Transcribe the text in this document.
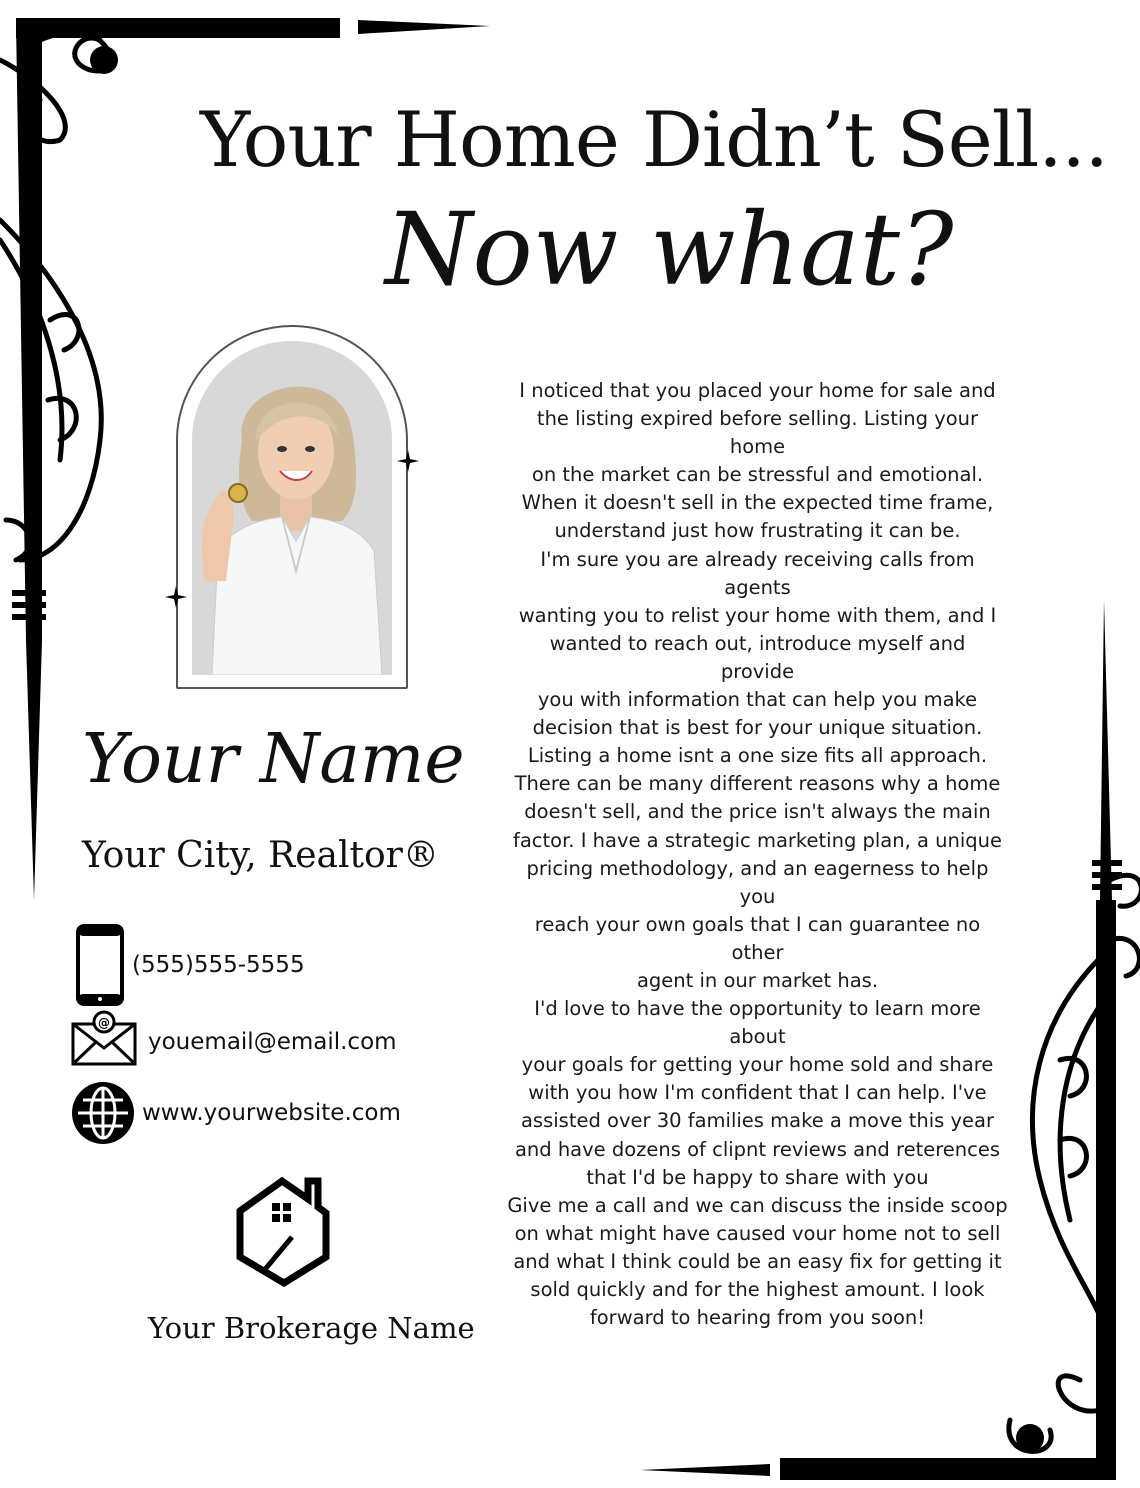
Your Home Didn’t Sell...
Now what?
Your Name
Your City, Realtor®
(555)555-5555
@
youemail@email.com
www.yourwebsite.com
Your Brokerage Name
I noticed that you placed your home for sale and
the listing expired before selling. Listing your
home
on the market can be stressful and emotional.
When it doesn't sell in the expected time frame,
understand just how frustrating it can be.
I'm sure you are already receiving calls from
agents
wanting you to relist your home with them, and I
wanted to reach out, introduce myself and
provide
you with information that can help you make
decision that is best for your unique situation.
Listing a home isnt a one size fits all approach.
There can be many different reasons why a home
doesn't sell, and the price isn't always the main
factor. I have a strategic marketing plan, a unique
pricing methodology, and an eagerness to help
you
reach your own goals that I can guarantee no
other
agent in our market has.
I'd love to have the opportunity to learn more
about
your goals for getting your home sold and share
with you how I'm confident that I can help. I've
assisted over 30 families make a move this year
and have dozens of clipnt reviews and reterences
that I'd be happy to share with you
Give me a call and we can discuss the inside scoop
on what might have caused vour home not to sell
and what I think could be an easy fix for getting it
sold quickly and for the highest amount. I look
forward to hearing from you soon!
